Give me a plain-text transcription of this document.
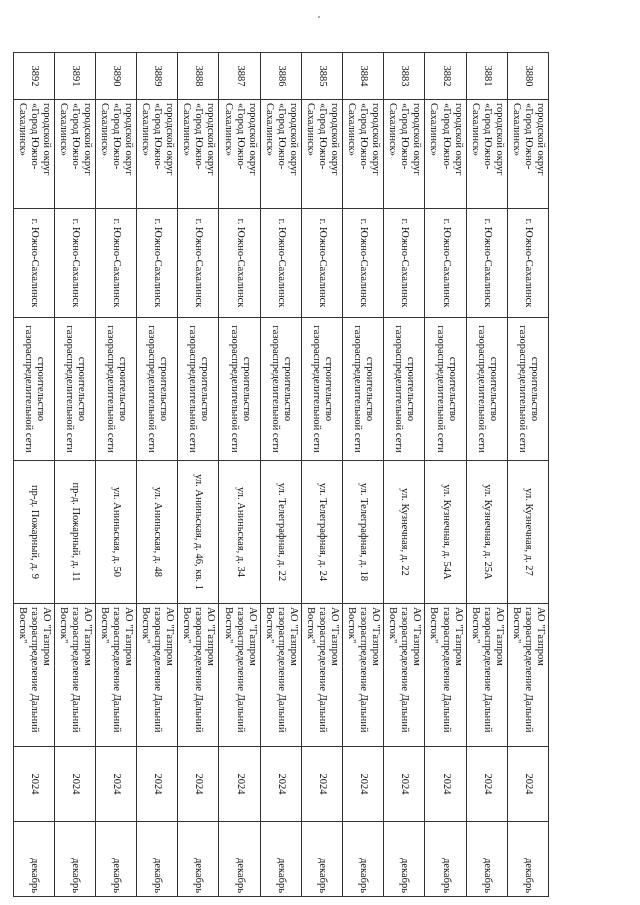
3880	городской округ «Город Южно-Сахалинск»	г. Южно-Сахалинск	строительство газораспределительной сети	ул. Кузнечная, д. 27	АО "Газпром газораспределение Дальний Восток"	2024	декабрь
3881	городской округ «Город Южно-Сахалинск»	г. Южно-Сахалинск	строительство газораспределительной сети	ул. Кузнечная, д. 25А	АО "Газпром газораспределение Дальний Восток"	2024	декабрь
3882	городской округ «Город Южно-Сахалинск»	г. Южно-Сахалинск	строительство газораспределительной сети	ул. Кузнечная, д. 54А	АО "Газпром газораспределение Дальний Восток"	2024	декабрь
3883	городской округ «Город Южно-Сахалинск»	г. Южно-Сахалинск	строительство газораспределительной сети	ул. Кузнечная, д. 22	АО "Газпром газораспределение Дальний Восток"	2024	декабрь
3884	городской округ «Город Южно-Сахалинск»	г. Южно-Сахалинск	строительство газораспределительной сети	ул. Телеграфная, д. 18	АО "Газпром газораспределение Дальний Восток"	2024	декабрь
3885	городской округ «Город Южно-Сахалинск»	г. Южно-Сахалинск	строительство газораспределительной сети	ул. Телеграфная, д. 24	АО "Газпром газораспределение Дальний Восток"	2024	декабрь
3886	городской округ «Город Южно-Сахалинск»	г. Южно-Сахалинск	строительство газораспределительной сети	ул. Телеграфная, д. 22	АО "Газпром газораспределение Дальний Восток"	2024	декабрь
3887	городской округ «Город Южно-Сахалинск»	г. Южно-Сахалинск	строительство газораспределительной сети	ул. Аниньская, д. 34	АО "Газпром газораспределение Дальний Восток"	2024	декабрь
3888	городской округ «Город Южно-Сахалинск»	г. Южно-Сахалинск	строительство газораспределительной сети	ул. Аниньская, д. 46, кв. 1	АО "Газпром газораспределение Дальний Восток"	2024	декабрь
3889	городской округ «Город Южно-Сахалинск»	г. Южно-Сахалинск	строительство газораспределительной сети	ул. Аниньская, д. 48	АО "Газпром газораспределение Дальний Восток"	2024	декабрь
3890	городской округ «Город Южно-Сахалинск»	г. Южно-Сахалинск	строительство газораспределительной сети	ул. Аниньская, д. 50	АО "Газпром газораспределение Дальний Восток"	2024	декабрь
3891	городской округ «Город Южно-Сахалинск»	г. Южно-Сахалинск	строительство газораспределительной сети	пр-д. Пожарный, д. 11	АО "Газпром газораспределение Дальний Восток"	2024	декабрь
3892	городской округ «Город Южно-Сахалинск»	г. Южно-Сахалинск	строительство газораспределительной сети	пр-д. Пожарный, д. 9	АО "Газпром газораспределение Дальний Восток"	2024	декабрь
